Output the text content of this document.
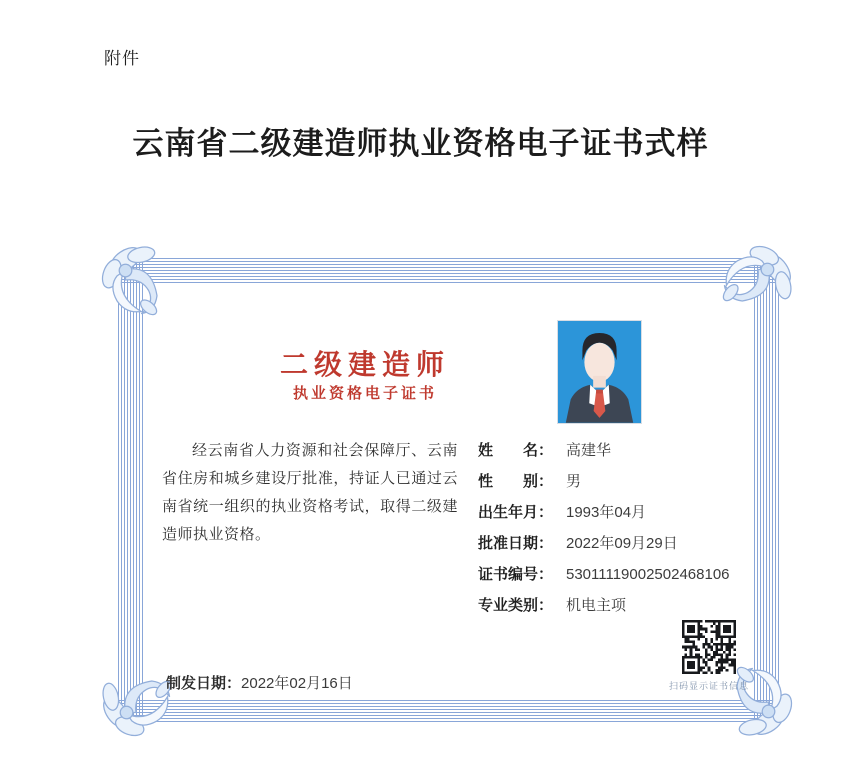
附件
云南省二级建造师执业资格电子证书式样
二级建造师
执业资格电子证书
经云南省人力资源和社会保障厅、云南省住房和城乡建设厅批准，持证人已通过云南省统一组织的执业资格考试，取得二级建造师执业资格。
制发日期：2022年02月16日
姓　　名： 高建华
性　　别： 男
出生年月： 1993年04月
批准日期： 2022年09月29日
证书编号： 53011119002502468106
专业类别： 机电主项
扫码显示证书信息
